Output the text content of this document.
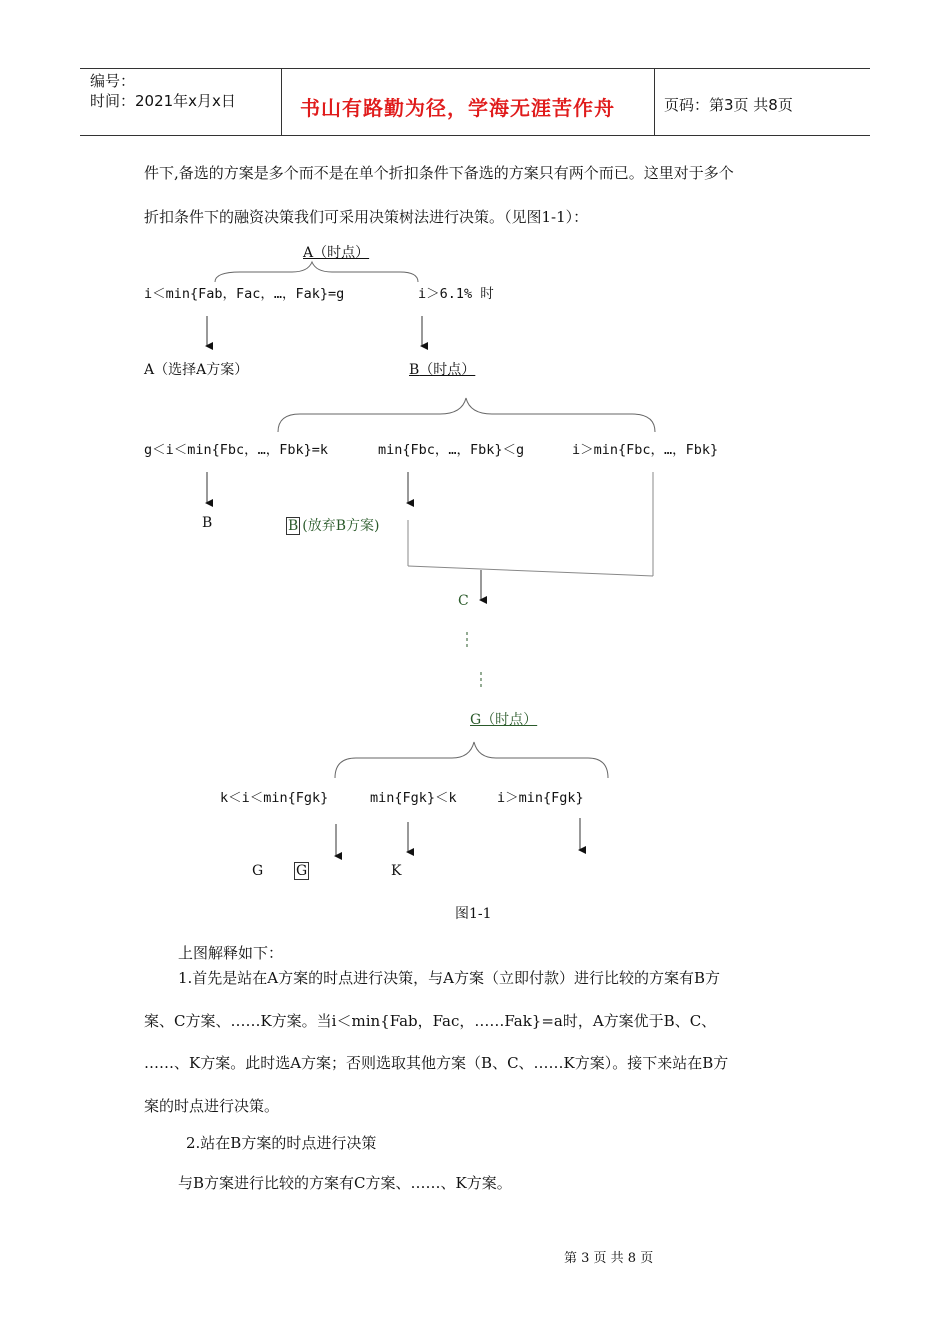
编号：
时间：2021年x月x日	书山有路勤为径，学海无涯苦作舟	页码：第3页 共8页
件下,备选的方案是多个而不是在单个折扣条件下备选的方案只有两个而已。这里对于多个
折扣条件下的融资决策我们可采用决策树法进行决策。（见图1-1）：
A（时点）
i＜min{Fab，Fac，…，Fak}=g	i＞6.1% 时
A（选择A方案）	B（时点）
g＜i＜min{Fbc，…，Fbk}=k	min{Fbc，…，Fbk}＜g	i＞min{Fbc，…，Fbk}
B	B (放弃B方案)
C
G（时点）
k＜i＜min{Fgk}	min{Fgk}＜k	i＞min{Fgk}
G G	K
图1-1
上图解释如下：
1.首先是站在A方案的时点进行决策，与A方案（立即付款）进行比较的方案有B方
案、C方案、……K方案。当i＜min{Fab，Fac，……Fak}=a时，A方案优于B、C、
……、K方案。此时选A方案；否则选取其他方案（B、C、……K方案）。接下来站在B方
案的时点进行决策。
2.站在B方案的时点进行决策
与B方案进行比较的方案有C方案、……、K方案。
第 3 页 共 8 页
